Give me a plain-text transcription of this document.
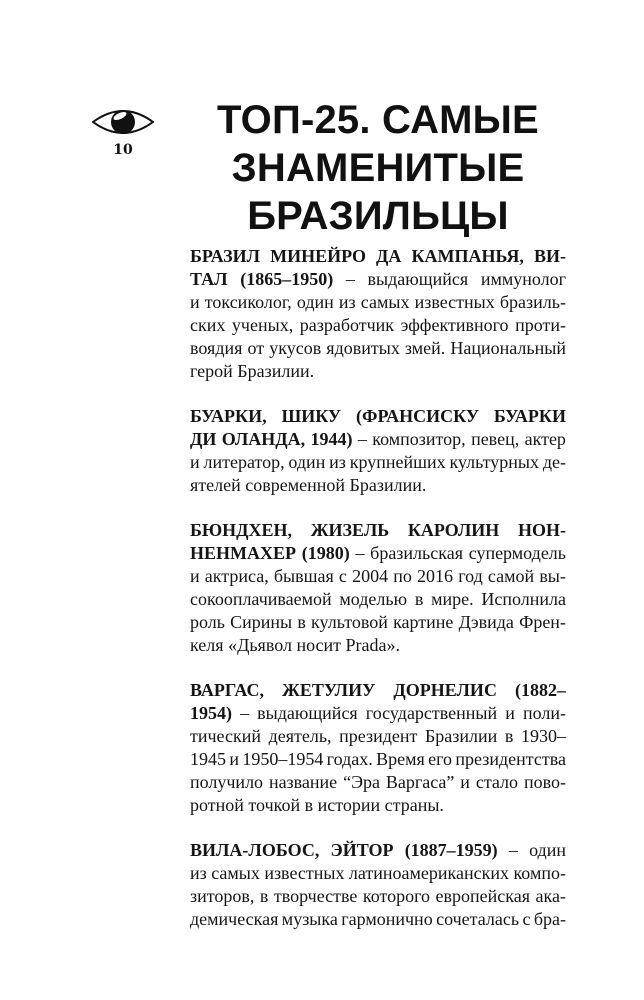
10
ТОП-25. САМЫЕ
ЗНАМЕНИТЫЕ
БРАЗИЛЬЦЫ
БРАЗИЛ МИНЕЙРО ДА КАМПАНЬЯ, ВИ-
ТАЛ (1865–1950) – выдающийся иммунолог
и токсиколог, один из самых известных бразиль-
ских ученых, разработчик эффективного проти-
воядия от укусов ядовитых змей. Национальный
герой Бразилии.
БУАРКИ, ШИКУ (ФРАНСИСКУ БУАРКИ
ДИ ОЛАНДА, 1944) – композитор, певец, актер
и литератор, один из крупнейших культурных де-
ятелей современной Бразилии.
БЮНДХЕН, ЖИЗЕЛЬ КАРОЛИН НОН-
НЕНМАХЕР (1980) – бразильская супермодель
и актриса, бывшая с 2004 по 2016 год самой вы-
сокооплачиваемой моделью в мире. Исполнила
роль Сирины в культовой картине Дэвида Френ-
келя «Дьявол носит Prada».
ВАРГАС, ЖЕТУЛИУ ДОРНЕЛИС (1882–
1954) – выдающийся государственный и поли-
тический деятель, президент Бразилии в 1930–
1945 и 1950–1954 годах. Время его президентства
получило название “Эра Варгаса” и стало пово-
ротной точкой в истории страны.
ВИЛА-ЛОБОС, ЭЙТОР (1887–1959) – один
из самых известных латиноамериканских компо-
зиторов, в творчестве которого европейская ака-
демическая музыка гармонично сочеталась с бра-
